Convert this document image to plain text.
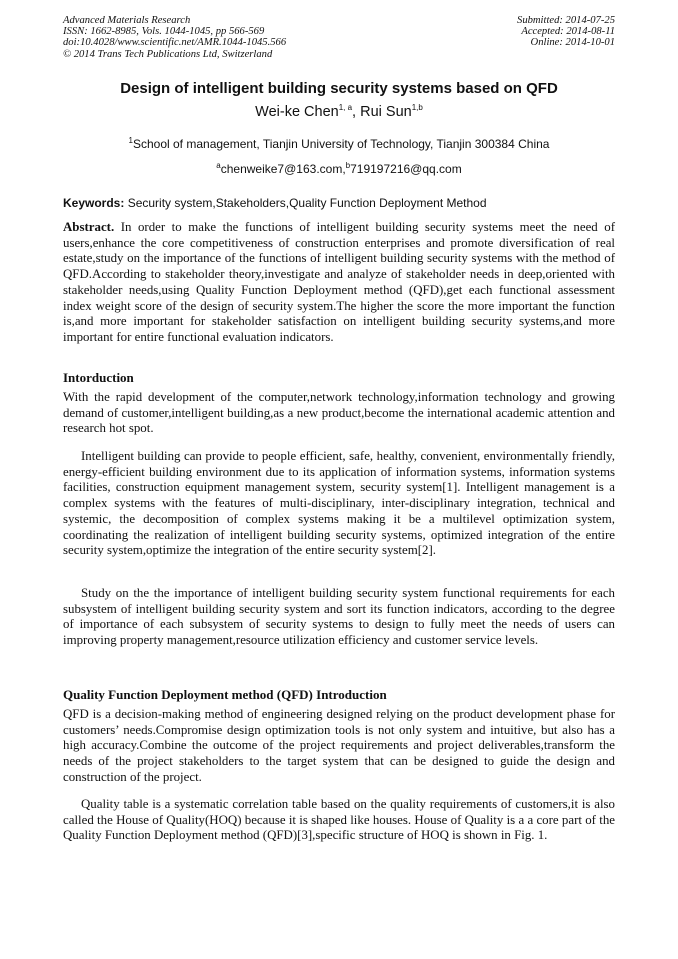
Advanced Materials Research
ISSN: 1662-8985, Vols. 1044-1045, pp 566-569
doi:10.4028/www.scientific.net/AMR.1044-1045.566
© 2014 Trans Tech Publications Ltd, Switzerland
Submitted: 2014-07-25
Accepted: 2014-08-11
Online: 2014-10-01
Design of intelligent building security systems based on QFD
Wei-ke Chen$^{1, a}$, Rui Sun$^{1,b}$
$^1$School of management, Tianjin University of Technology, Tianjin 300384 China
$^a$chenweike7@163.com,$^b$719197216@qq.com
Keywords: Security system,Stakeholders,Quality Function Deployment Method

Abstract. In order to make the functions of intelligent building security systems meet the need of users,enhance the core competitiveness of construction enterprises and promote diversification of real estate,study on the importance of the functions of intelligent building security systems with the method of QFD.According to stakeholder theory,investigate and analyze of stakeholder needs in deep,oriented with stakeholder needs,using Quality Function Deployment method (QFD),get each functional assessment index weight score of the design of security system.The higher the score the more important the function is,and more important for stakeholder satisfaction on intelligent building security systems,and more important for entire functional evaluation indicators.

Intorduction

With the rapid development of the computer,network technology,information technology and growing demand of customer,intelligent building,as a new product,become the international academic attention and research hot spot.

Intelligent building can provide to people efficient, safe, healthy, convenient, environmentally friendly, energy-efficient building environment due to its application of information systems, information systems facilities, construction equipment management system, security system[1]. Intelligent management is a complex systems with the features of multi-disciplinary, inter-disciplinary integration, technical and systemic, the decomposition of complex systems making it be a multilevel optimization system, coordinating the realization of intelligent building security systems, optimized integration of the entire security system,optimize the integration of the entire security system[2].

Study on the the importance of intelligent building security system functional requirements for each subsystem of intelligent building security system and sort its function indicators, according to the degree of importance of each subsystem of security systems to design to fully meet the needs of users can improving property management,resource utilization efficiency and customer service levels.

Quality Function Deployment method (QFD) Introduction

QFD is a decision-making method of engineering designed relying on the product development phase for customers’ needs.Compromise design optimization tools is not only system and intuitive, but also has a high accuracy.Combine the outcome of the project requirements and project deliverables,transform the needs of the project stakeholders to the target system that can be designed to guide the design and construction of the project.

Quality table is a systematic correlation table based on the quality requirements of customers,it is also called the House of Quality(HOQ) because it is shaped like houses. House of Quality is a a core part of the Quality Function Deployment method (QFD)[3],specific structure of HOQ is shown in Fig. 1.
